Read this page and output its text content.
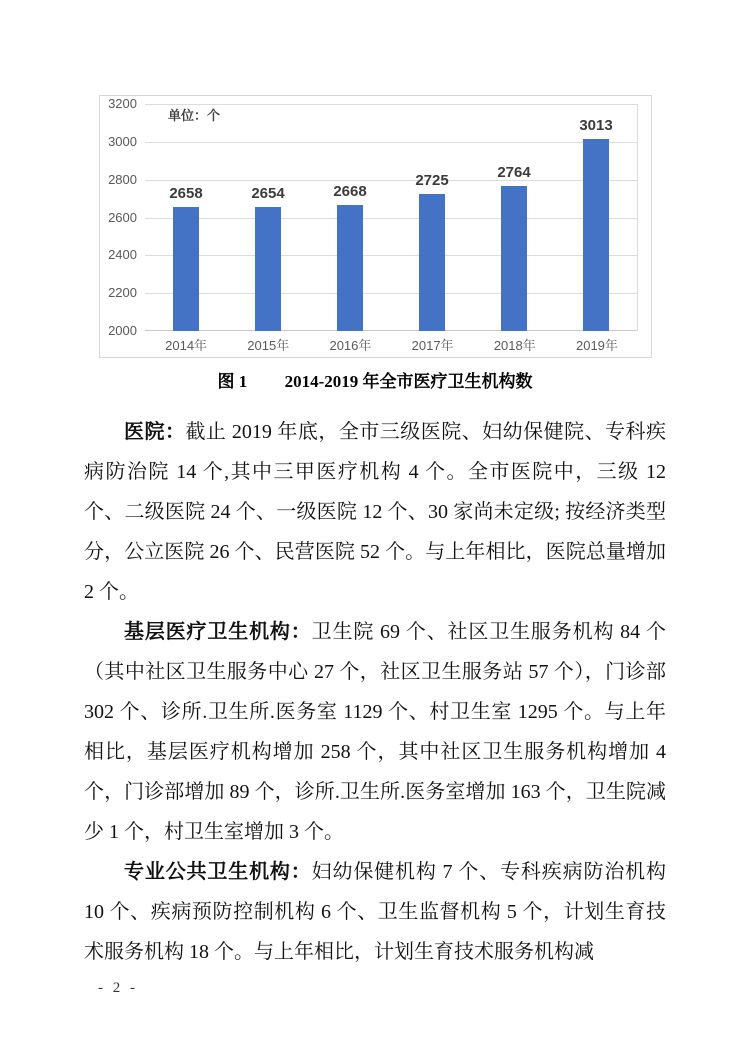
单位：个
3200
3000
2800
2600
2400
2200
2000
2658	2654	2668
2725	2764
3013
2014年	2015年	2016年	2017年	2018年	2019年
图 1 2014-2019 年全市医疗卫生机构数

医院：截止 2019 年底，全市三级医院、妇幼保健院、专科疾病防治院 14 个,其中三甲医疗机构 4 个。全市医院中，三级 12 个、二级医院 24 个、一级医院 12 个、30 家尚未定级; 按经济类型分，公立医院 26 个、民营医院 52 个。与上年相比，医院总量增加 2 个。

基层医疗卫生机构：卫生院 69 个、社区卫生服务机构 84 个（其中社区卫生服务中心 27 个，社区卫生服务站 57 个），门诊部 302 个、诊所.卫生所.医务室 1129 个、村卫生室 1295 个。与上年相比，基层医疗机构增加 258 个，其中社区卫生服务机构增加 4 个，门诊部增加 89 个，诊所.卫生所.医务室增加 163 个，卫生院减少 1 个，村卫生室增加 3 个。

专业公共卫生机构：妇幼保健机构 7 个、专科疾病防治机构 10 个、疾病预防控制机构 6 个、卫生监督机构 5 个，计划生育技术服务机构 18 个。与上年相比，计划生育技术服务机构减

- 2 -
